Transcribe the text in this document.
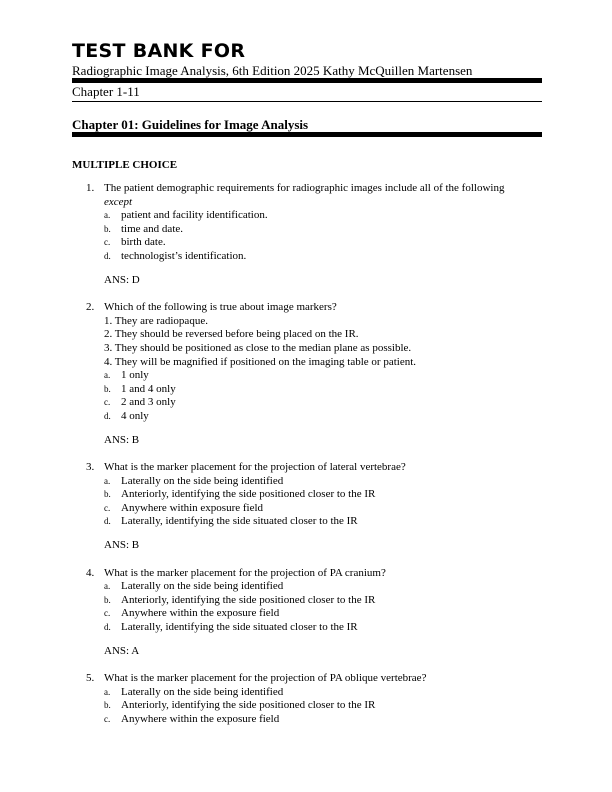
TEST BANK FOR
Radiographic Image Analysis, 6th Edition 2025 Kathy McQuillen Martensen
Chapter 1-11
Chapter 01: Guidelines for Image Analysis
MULTIPLE CHOICE
1. The patient demographic requirements for radiographic images include all of the following
except
a. patient and facility identification.
b. time and date.
c. birth date.
d. technologist’s identification.
ANS: D
2. Which of the following is true about image markers?
1. They are radiopaque.
2. They should be reversed before being placed on the IR.
3. They should be positioned as close to the median plane as possible.
4. They will be magnified if positioned on the imaging table or patient.
a. 1 only
b. 1 and 4 only
c. 2 and 3 only
d. 4 only
ANS: B
3. What is the marker placement for the projection of lateral vertebrae?
a. Laterally on the side being identified
b. Anteriorly, identifying the side positioned closer to the IR
c. Anywhere within exposure field
d. Laterally, identifying the side situated closer to the IR
ANS: B
4. What is the marker placement for the projection of PA cranium?
a. Laterally on the side being identified
b. Anteriorly, identifying the side positioned closer to the IR
c. Anywhere within the exposure field
d. Laterally, identifying the side situated closer to the IR
ANS: A
5. What is the marker placement for the projection of PA oblique vertebrae?
a. Laterally on the side being identified
b. Anteriorly, identifying the side positioned closer to the IR
c. Anywhere within the exposure field
